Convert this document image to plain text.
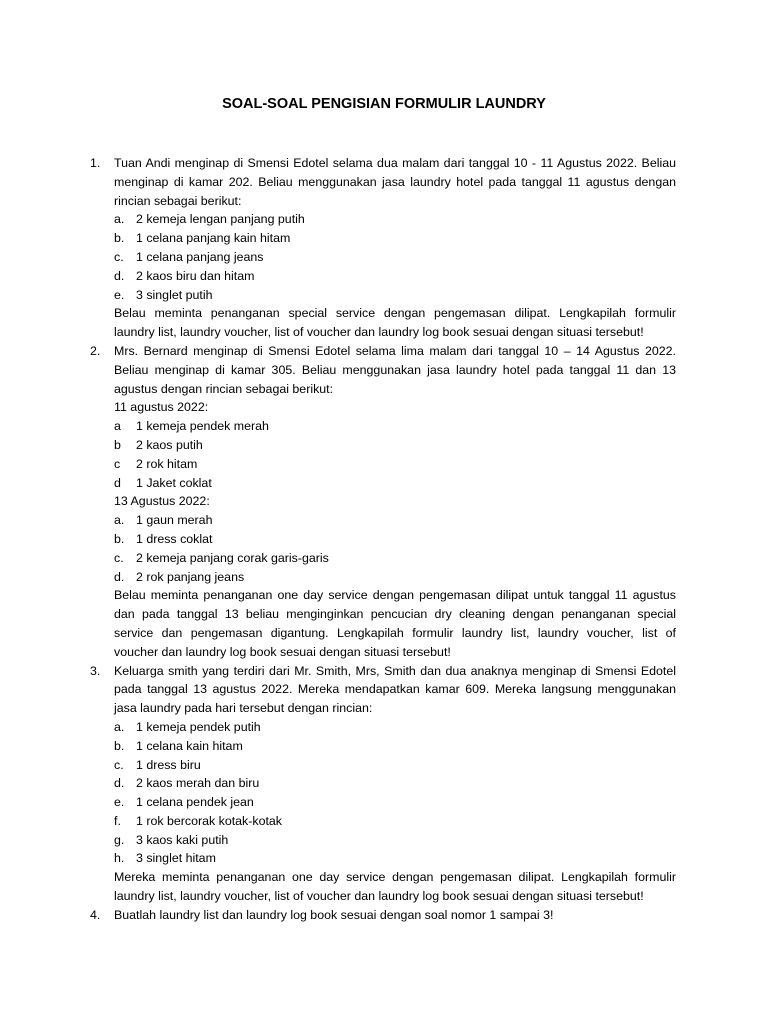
SOAL-SOAL PENGISIAN FORMULIR LAUNDRY
1. Tuan Andi menginap di Smensi Edotel selama dua malam dari tanggal 10 - 11 Agustus 2022. Beliau
menginap di kamar 202. Beliau menggunakan jasa laundry hotel pada tanggal 11 agustus dengan
rincian sebagai berikut:
a. 2 kemeja lengan panjang putih
b. 1 celana panjang kain hitam
c. 1 celana panjang jeans
d. 2 kaos biru dan hitam
e. 3 singlet putih
Belau meminta penanganan special service dengan pengemasan dilipat. Lengkapilah formulir
laundry list, laundry voucher, list of voucher dan laundry log book sesuai dengan situasi tersebut!
2. Mrs. Bernard menginap di Smensi Edotel selama lima malam dari tanggal 10 – 14 Agustus 2022.
Beliau menginap di kamar 305. Beliau menggunakan jasa laundry hotel pada tanggal 11 dan 13
agustus dengan rincian sebagai berikut:
11 agustus 2022:
a 1 kemeja pendek merah
b 2 kaos putih
c 2 rok hitam
d 1 Jaket coklat
13 Agustus 2022:
a. 1 gaun merah
b. 1 dress coklat
c. 2 kemeja panjang corak garis-garis
d. 2 rok panjang jeans
Belau meminta penanganan one day service dengan pengemasan dilipat untuk tanggal 11 agustus
dan pada tanggal 13 beliau menginginkan pencucian dry cleaning dengan penanganan special
service dan pengemasan digantung. Lengkapilah formulir laundry list, laundry voucher, list of
voucher dan laundry log book sesuai dengan situasi tersebut!
3. Keluarga smith yang terdiri dari Mr. Smith, Mrs, Smith dan dua anaknya menginap di Smensi Edotel
pada tanggal 13 agustus 2022. Mereka mendapatkan kamar 609. Mereka langsung menggunakan
jasa laundry pada hari tersebut dengan rincian:
a. 1 kemeja pendek putih
b. 1 celana kain hitam
c. 1 dress biru
d. 2 kaos merah dan biru
e. 1 celana pendek jean
f. 1 rok bercorak kotak-kotak
g. 3 kaos kaki putih
h. 3 singlet hitam
Mereka meminta penanganan one day service dengan pengemasan dilipat. Lengkapilah formulir
laundry list, laundry voucher, list of voucher dan laundry log book sesuai dengan situasi tersebut!
4. Buatlah laundry list dan laundry log book sesuai dengan soal nomor 1 sampai 3!
